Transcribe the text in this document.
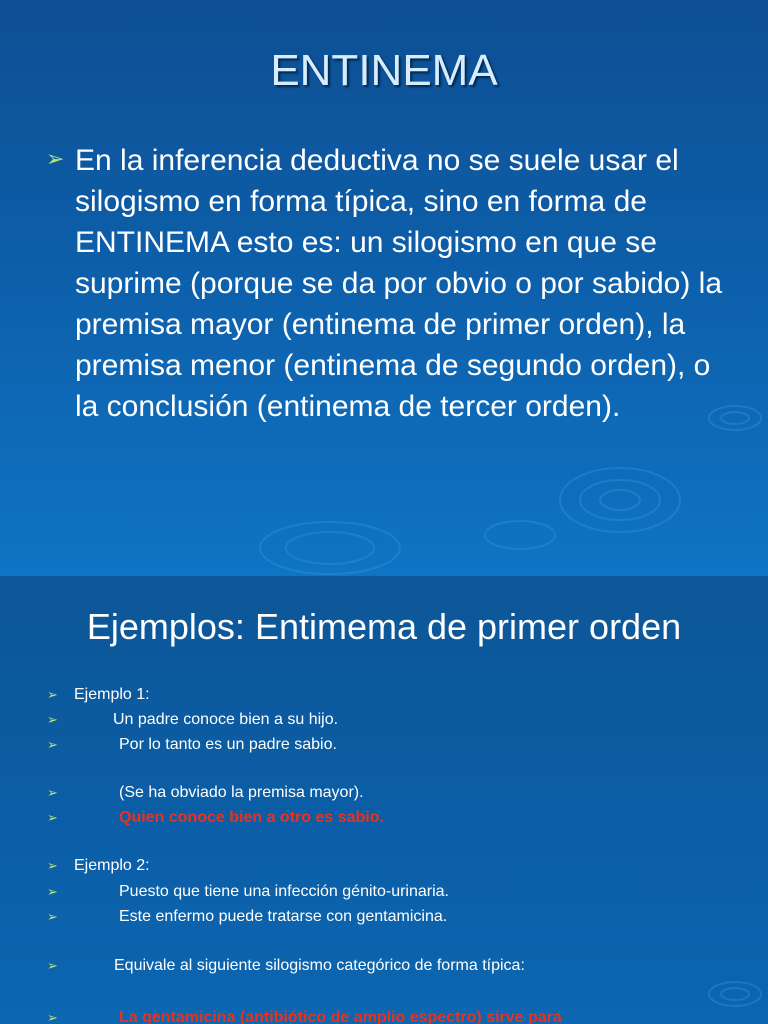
ENTINEMA
➢ En la inferencia deductiva no se suele usar el silogismo en forma típica, sino en forma de ENTINEMA esto es: un silogismo en que se suprime (porque se da por obvio o por sabido) la premisa mayor (entinema de primer orden), la premisa menor (entinema de segundo orden), o la conclusión (entinema de tercer orden).
Ejemplos: Entimema de primer orden
➢ Ejemplo 1:
➢	Un padre conoce bien a su hijo.
➢	Por lo tanto es un padre sabio.
➢	(Se ha obviado la premisa mayor).
➢	Quien conoce bien a otro es sabio.
➢ Ejemplo 2:
➢	Puesto que tiene una infección génito-urinaria.
➢	Este enfermo puede tratarse con gentamicina.
➢	Equivale al siguiente silogismo categórico de forma típica:
➢	La gentamicina (antibiótico de amplio espectro) sirve para
